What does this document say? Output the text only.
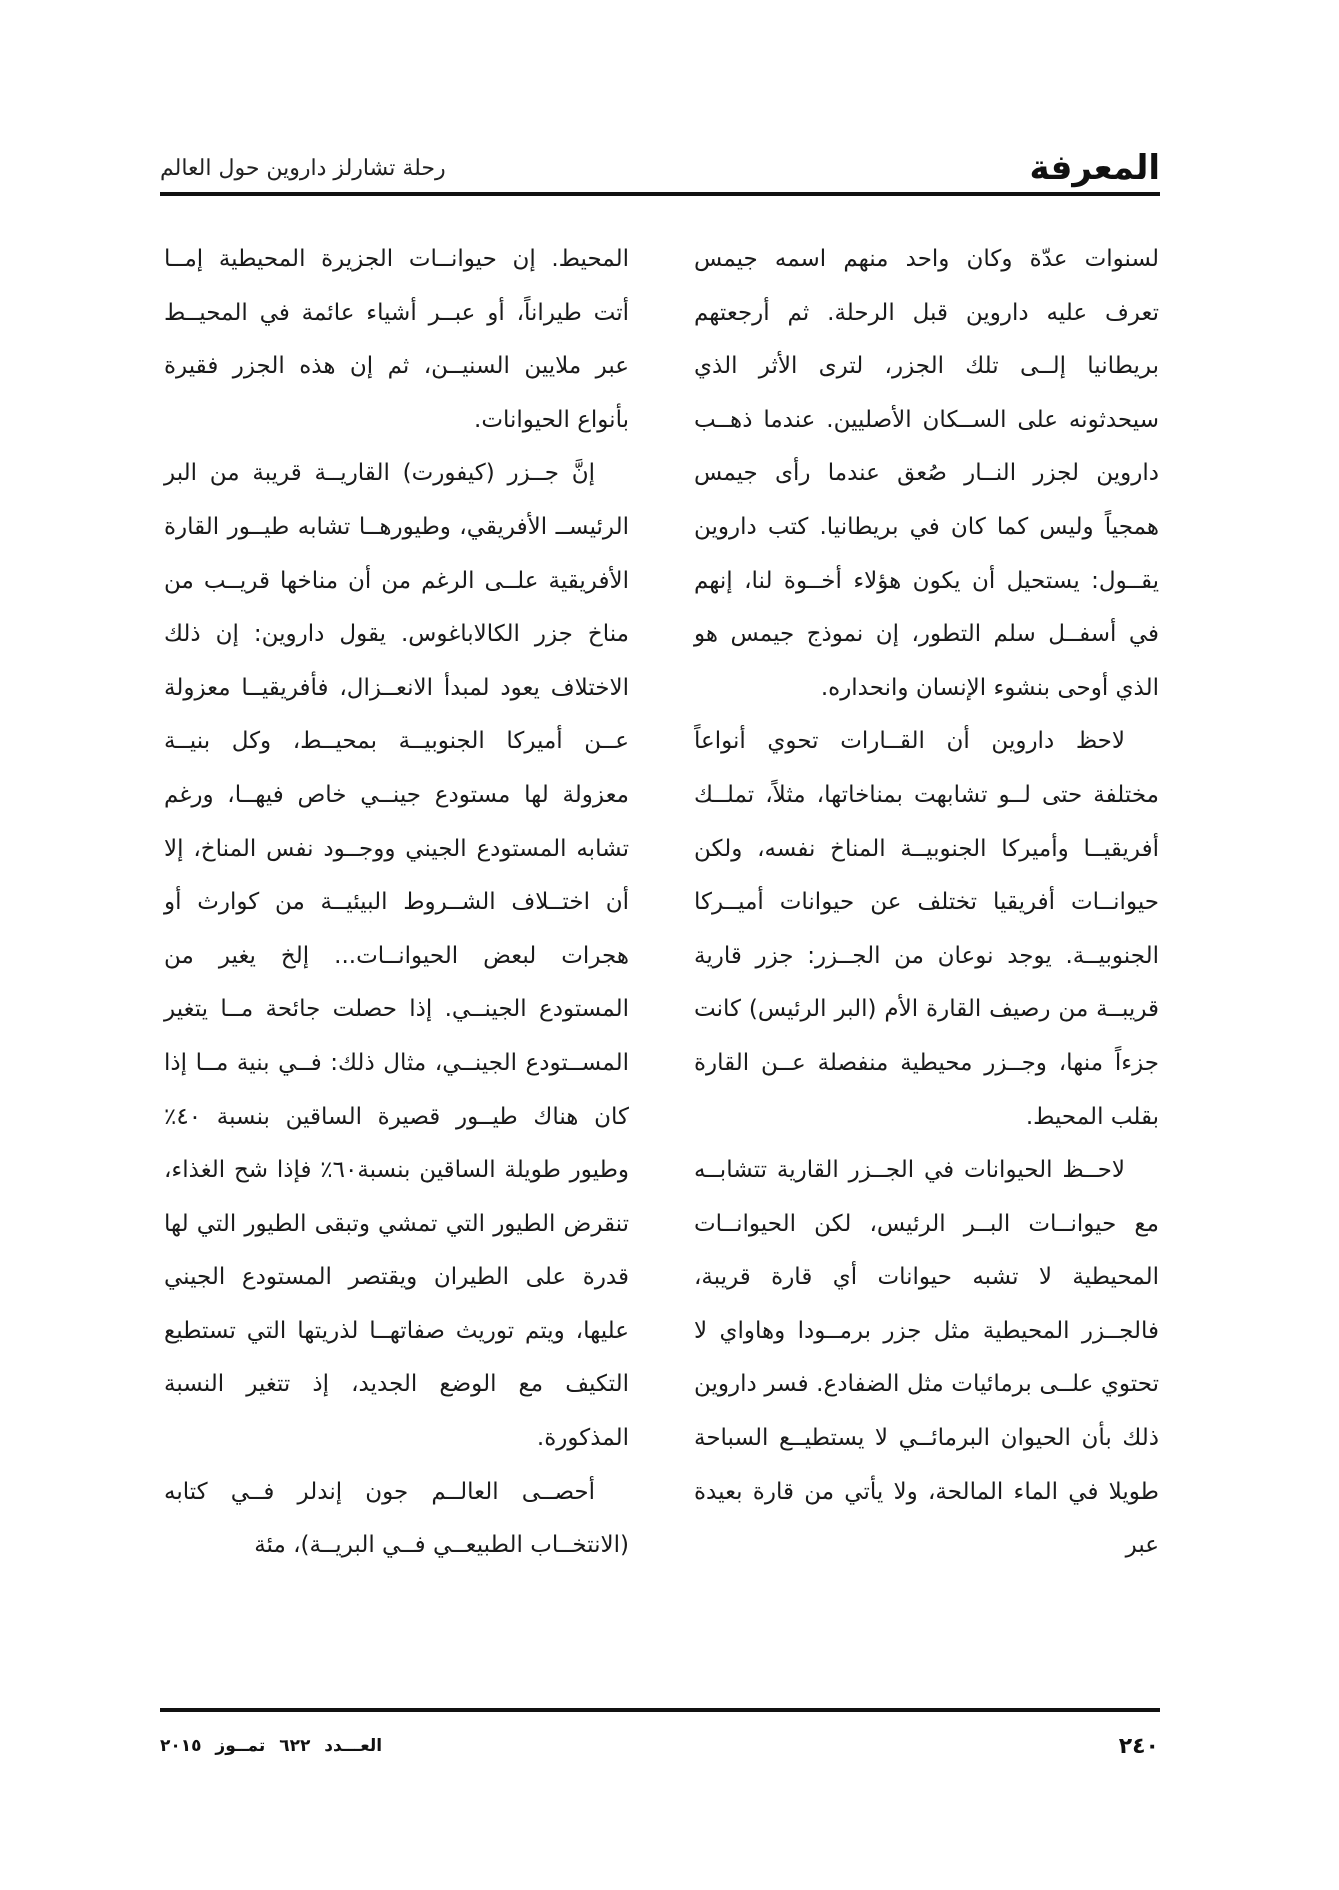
المعرفة
رحلة تشارلز داروين حول العالم

لسنوات عدّة وكان واحد منهم اسمه جيمس تعرف عليه داروين قبل الرحلة. ثم أرجعتهم بريطانيا إلــى تلك الجزر، لترى الأثر الذي سيحدثونه على الســكان الأصليين. عندما ذهــب داروين لجزر النــار صُعق عندما رأى جيمس همجياً وليس كما كان في بريطانيا. كتب داروين يقــول: يستحيل أن يكون هؤلاء أخــوة لنا، إنهم في أسفــل سلم التطور، إن نموذج جيمس هو الذي أوحى بنشوء الإنسان وانحداره.

لاحظ داروين أن القــارات تحوي أنواعاً مختلفة حتى لــو تشابهت بمناخاتها، مثلاً، تملــك أفريقيــا وأميركا الجنوبيــة المناخ نفسه، ولكن حيوانــات أفريقيا تختلف عن حيوانات أميــركا الجنوبيــة. يوجد نوعان من الجــزر: جزر قارية قريبــة من رصيف القارة الأم (البر الرئيس) كانت جزءاً منها، وجــزر محيطية منفصلة عــن القارة بقلب المحيط.

لاحــظ الحيوانات في الجــزر القارية تتشابــه مع حيوانــات البــر الرئيس، لكن الحيوانــات المحيطية لا تشبه حيوانات أي قارة قريبة، فالجــزر المحيطية مثل جزر برمــودا وهاواي لا تحتوي علــى برمائيات مثل الضفادع. فسر داروين ذلك بأن الحيوان البرمائــي لا يستطيــع السباحة طويلا في الماء المالحة، ولا يأتي من قارة بعيدة عبر

المحيط. إن حيوانــات الجزيرة المحيطية إمــا أتت طيراناً، أو عبــر أشياء عائمة في المحيــط عبر ملايين السنيــن، ثم إن هذه الجزر فقيرة بأنواع الحيوانات.

إنَّ جــزر (كيفورت) القاريــة قريبة من البر الرئيســ الأفريقي، وطيورهــا تشابه طيــور القارة الأفريقية علــى الرغم من أن مناخها قريــب من مناخ جزر الكالاباغوس. يقول داروين: إن ذلك الاختلاف يعود لمبدأ الانعــزال، فأفريقيــا معزولة عــن أميركا الجنوبيــة بمحيــط، وكل بنيــة معزولة لها مستودع جينــي خاص فيهــا، ورغم تشابه المستودع الجيني ووجــود نفس المناخ، إلا أن اختــلاف الشــروط البيئيــة من كوارث أو هجرات لبعض الحيوانــات... إلخ يغير من المستودع الجينــي. إذا حصلت جائحة مــا يتغير المســتودع الجينــي، مثال ذلك: فــي بنية مــا إذا كان هناك طيــور قصيرة الساقين بنسبة ٤٠٪ وطيور طويلة الساقين بنسبة٦٠٪ فإذا شح الغذاء، تنقرض الطيور التي تمشي وتبقى الطيور التي لها قدرة على الطيران ويقتصر المستودع الجيني عليها، ويتم توريث صفاتهــا لذريتها التي تستطيع التكيف مع الوضع الجديد، إذ تتغير النسبة المذكورة.

أحصــى العالــم جون إندلر فــي كتابه (الانتخــاب الطبيعــي فــي البريــة)، مئة

٢٤٠
العـــدد ٦٢٢ تمــوز ٢٠١٥
